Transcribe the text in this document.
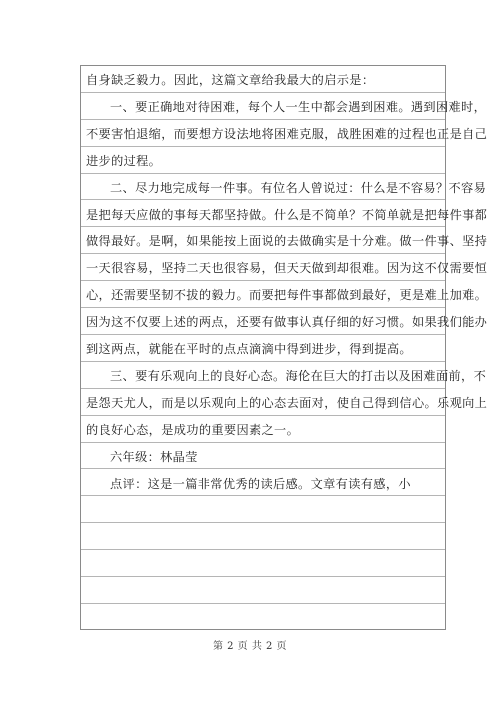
自身缺乏毅力。因此，这篇文章给我最大的启示是：
一、要正确地对待困难，每个人一生中都会遇到困难。遇到困难时，
不要害怕退缩，而要想方设法地将困难克服，战胜困难的过程也正是自己
进步的过程。
二、尽力地完成每一件事。有位名人曾说过：什么是不容易？不容易
是把每天应做的事每天都坚持做。什么是不简单？不简单就是把每件事都
做得最好。是啊，如果能按上面说的去做确实是十分难。做一件事、坚持
一天很容易，坚持二天也很容易，但天天做到却很难。因为这不仅需要恒
心，还需要坚韧不拔的毅力。而要把每件事都做到最好，更是难上加难。
因为这不仅要上述的两点，还要有做事认真仔细的好习惯。如果我们能办
到这两点，就能在平时的点点滴滴中得到进步，得到提高。
三、要有乐观向上的良好心态。海伦在巨大的打击以及困难面前，不
是怨天尤人，而是以乐观向上的心态去面对，使自己得到信心。乐观向上
的良好心态，是成功的重要因素之一。
六年级：林晶莹
点评：这是一篇非常优秀的读后感。文章有读有感，小
第 2 页 共 2 页
